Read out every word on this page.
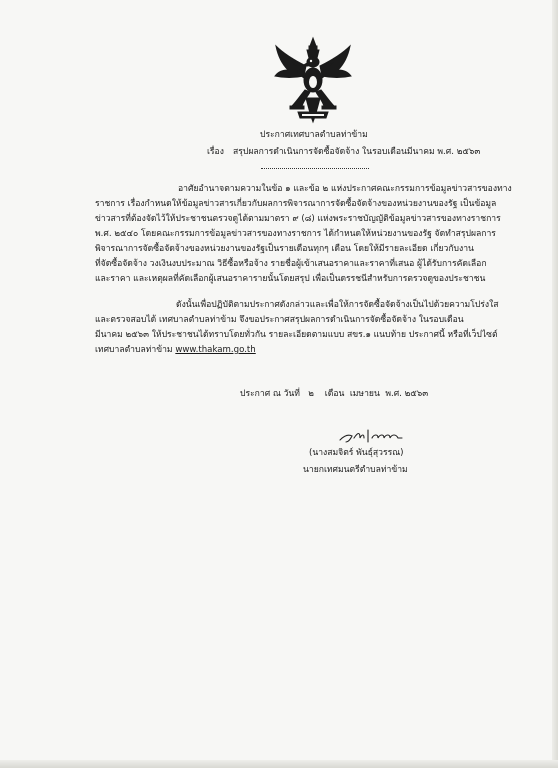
ประกาศเทศบาลตำบลท่าข้าม
เรื่อง สรุปผลการดำเนินการจัดซื้อจัดจ้าง ในรอบเดือนมีนาคม พ.ศ. ๒๕๖๓
อาศัยอำนาจตามความในข้อ ๑ และข้อ ๒ แห่งประกาศคณะกรรมการข้อมูลข่าวสารของทาง
ราชการ เรื่องกำหนดให้ข้อมูลข่าวสารเกี่ยวกับผลการพิจารณาการจัดซื้อจัดจ้างของหน่วยงานของรัฐ เป็นข้อมูล
ข่าวสารที่ต้องจัดไว้ให้ประชาชนตรวจดูได้ตามมาตรา ๙ (๘) แห่งพระราชบัญญัติข้อมูลข่าวสารของทางราชการ
พ.ศ. ๒๕๔๐ โดยคณะกรรมการข้อมูลข่าวสารของทางราชการ ได้กำหนดให้หน่วยงานของรัฐ จัดทำสรุปผลการ
พิจารณาการจัดซื้อจัดจ้างของหน่วยงานของรัฐเป็นรายเดือนทุกๆ เดือน โดยให้มีรายละเอียด เกี่ยวกับงาน
ที่จัดซื้อจัดจ้าง วงเงินงบประมาณ วิธีซื้อหรือจ้าง รายชื่อผู้เข้าเสนอราคาและราคาที่เสนอ ผู้ได้รับการคัดเลือก
และราคา และเหตุผลที่คัดเลือกผู้เสนอราคารายนั้นโดยสรุป เพื่อเป็นดรรชนีสำหรับการตรวจดูของประชาชน
ดังนั้นเพื่อปฏิบัติตามประกาศดังกล่าวและเพื่อให้การจัดซื้อจัดจ้างเป็นไปด้วยความโปร่งใส
และตรวจสอบได้ เทศบาลตำบลท่าข้าม จึงขอประกาศสรุปผลการดำเนินการจัดซื้อจัดจ้าง ในรอบเดือน
มีนาคม ๒๕๖๓ ให้ประชาชนได้ทราบโดยทั่วกัน รายละเอียดตามแบบ สขร.๑ แนบท้าย ประกาศนี้ หรือที่เว็ปไซต์
เทศบาลตำบลท่าข้าม www.thakam.go.th
ประกาศ ณ วันที่ ๒ เดือน เมษายน พ.ศ. ๒๕๖๓
(นางสมจิตร์ พันธุ์สุวรรณ)
นายกเทศมนตรีตำบลท่าข้าม
